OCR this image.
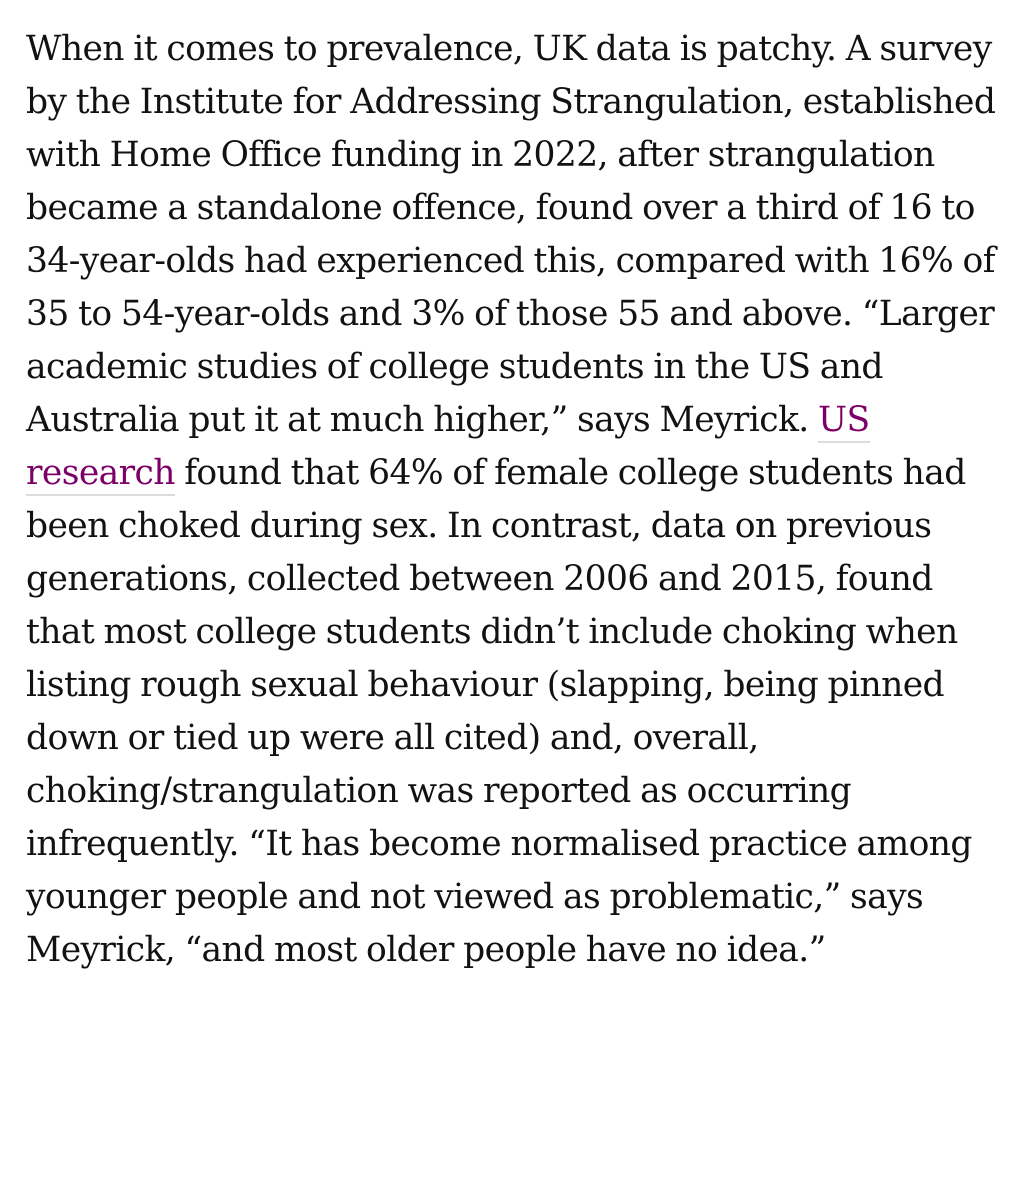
When it comes to prevalence, UK data is patchy. A survey by the Institute for Addressing Strangulation, established with Home Office funding in 2022, after strangulation became a standalone offence, found over a third of 16 to 34-year-olds had experienced this, compared with 16% of 35 to 54-year-olds and 3% of those 55 and above. “Larger academic studies of college students in the US and Australia put it at much higher,” says Meyrick. US research found that 64% of female college students had been choked during sex. In contrast, data on previous generations, collected between 2006 and 2015, found that most college students didn’t include choking when listing rough sexual behaviour (slapping, being pinned down or tied up were all cited) and, overall, choking/strangulation was reported as occurring infrequently. “It has become normalised practice among younger people and not viewed as problematic,” says Meyrick, “and most older people have no idea.”
